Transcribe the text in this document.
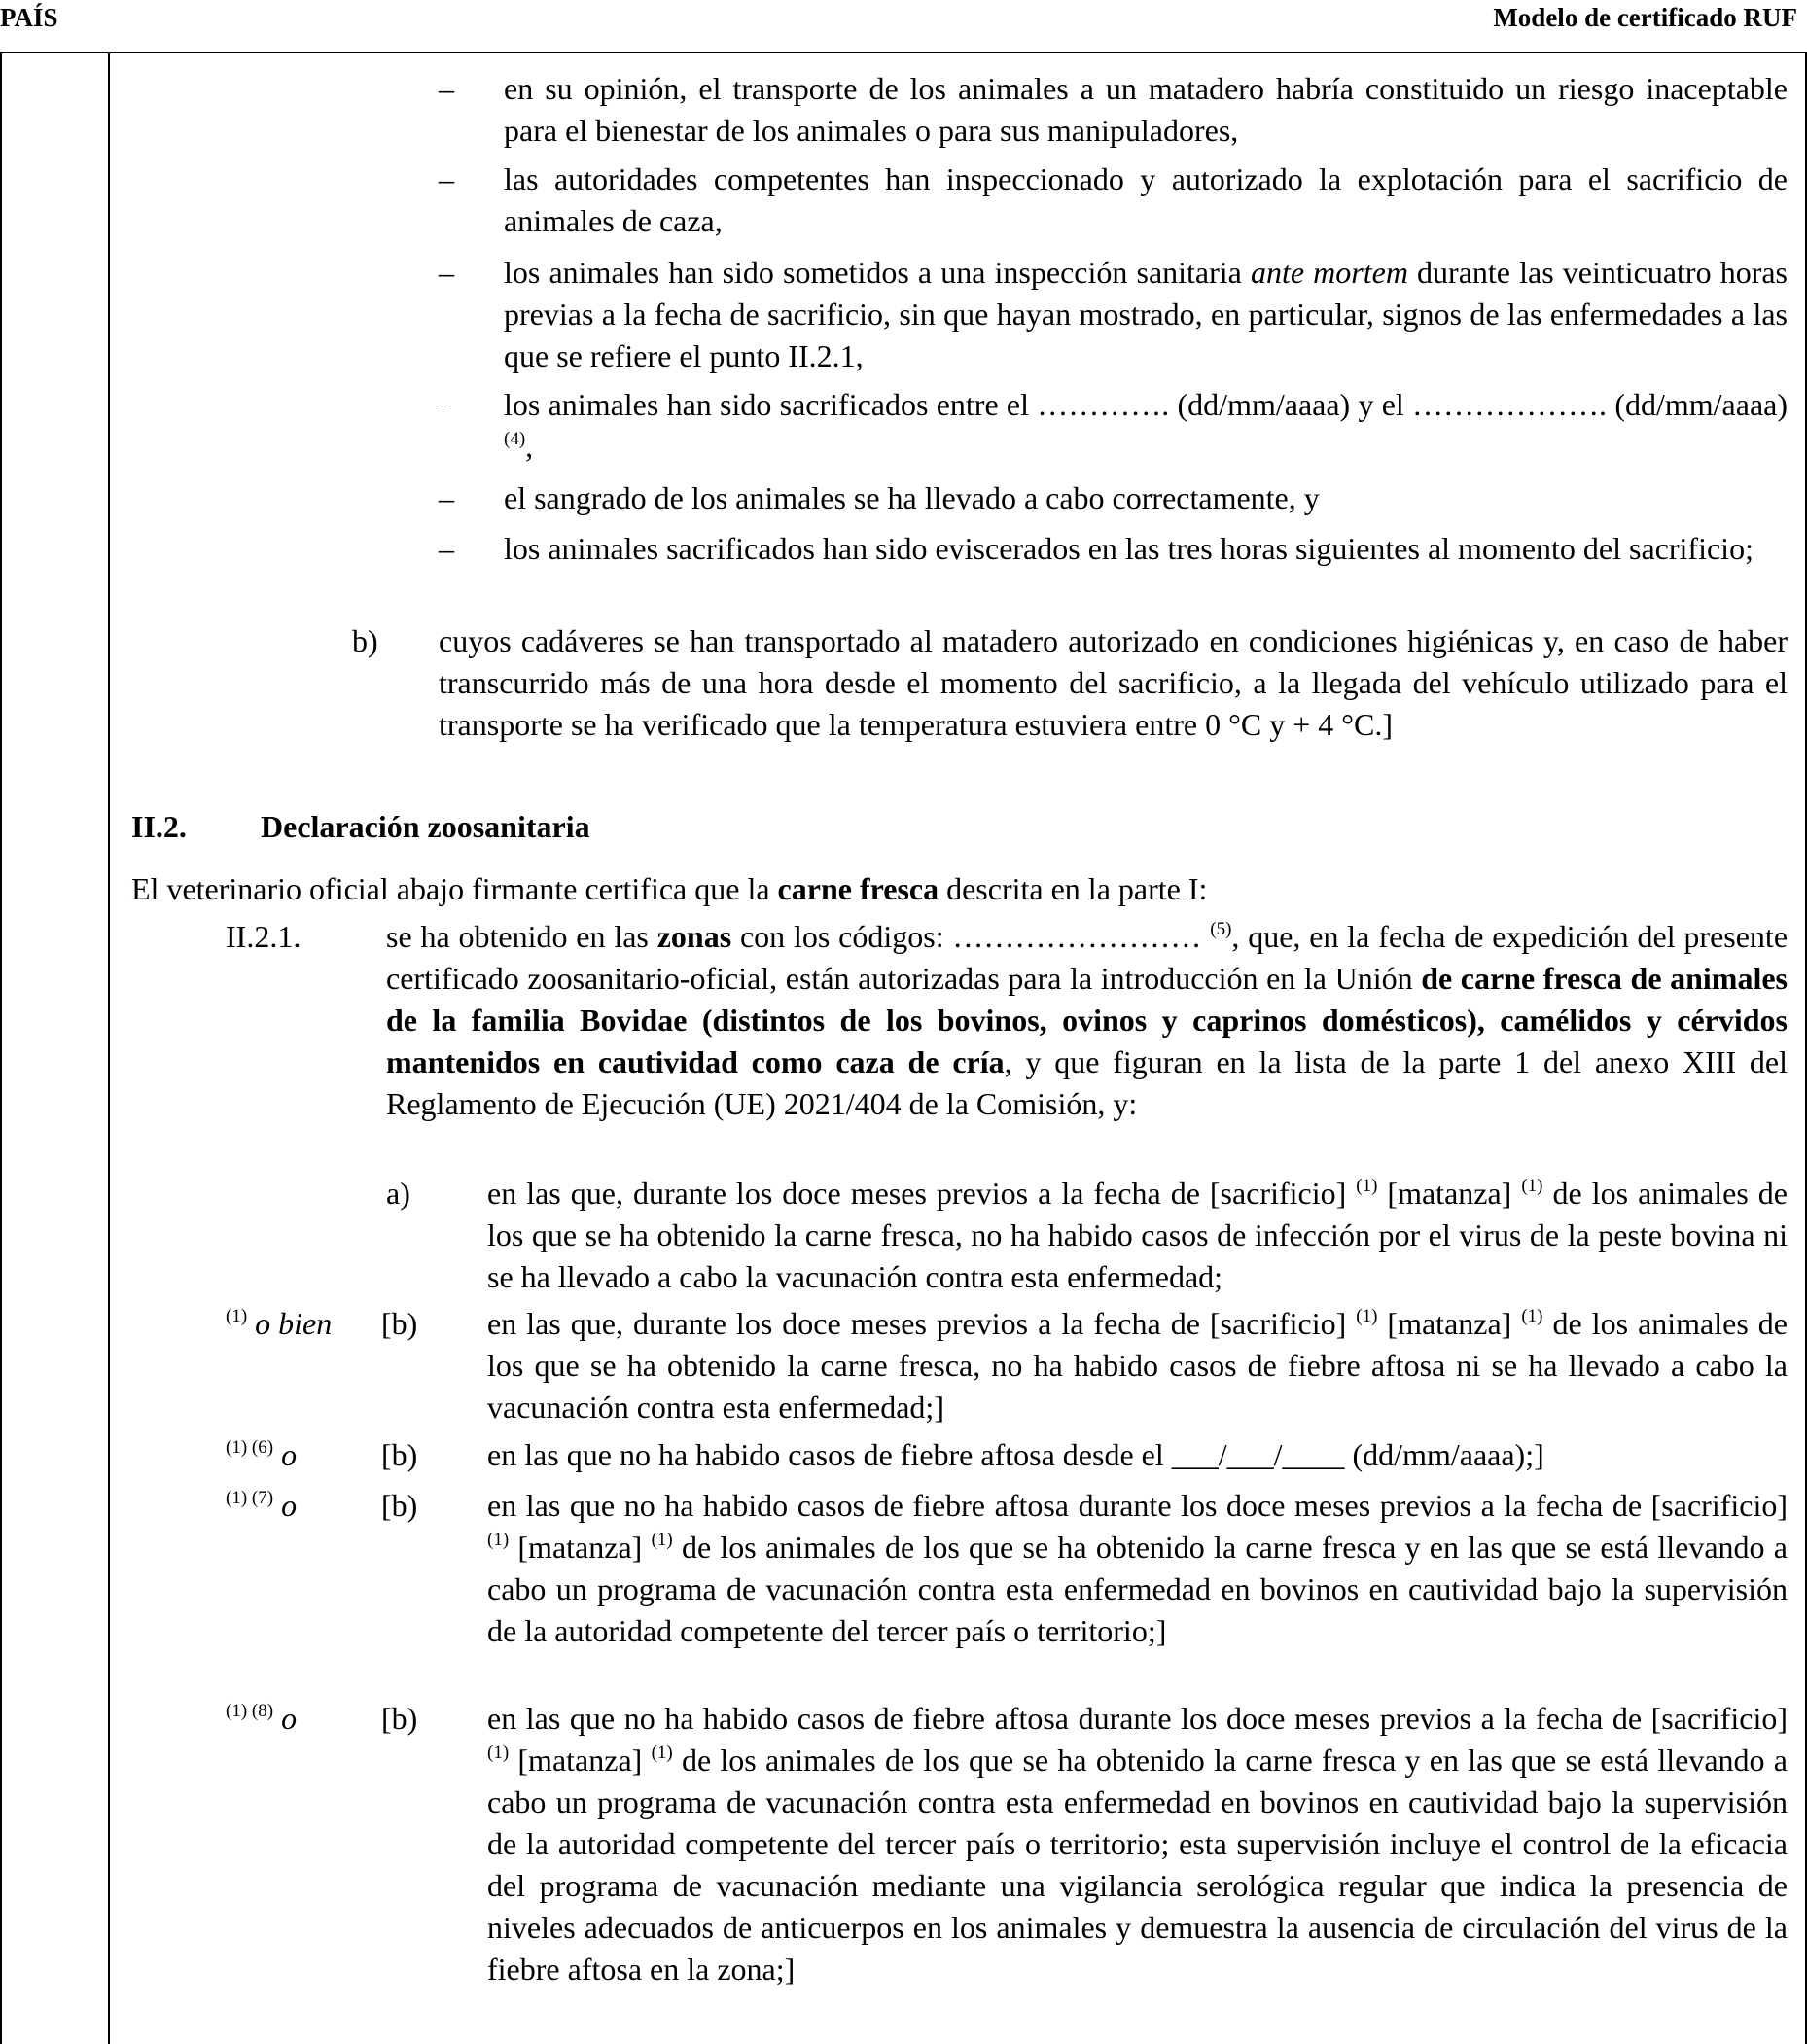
PAÍS	Modelo de certificado RUF
– en su opinión, el transporte de los animales a un matadero habría constituido un riesgo inaceptable para el bienestar de los animales o para sus manipuladores,
– las autoridades competentes han inspeccionado y autorizado la explotación para el sacrificio de animales de caza,
– los animales han sido sometidos a una inspección sanitaria ante mortem durante las veinticuatro horas previas a la fecha de sacrificio, sin que hayan mostrado, en particular, signos de las enfermedades a las que se refiere el punto II.2.1,
– los animales han sido sacrificados entre el …………. (dd/mm/aaaa) y el ………………. (dd/mm/aaaa) $^{(4)}$,
– el sangrado de los animales se ha llevado a cabo correctamente, y
– los animales sacrificados han sido eviscerados en las tres horas siguientes al momento del sacrificio;
b) cuyos cadáveres se han transportado al matadero autorizado en condiciones higiénicas y, en caso de haber transcurrido más de una hora desde el momento del sacrificio, a la llegada del vehículo utilizado para el transporte se ha verificado que la temperatura estuviera entre 0 °C y + 4 °C.]
II.2. Declaración zoosanitaria
El veterinario oficial abajo firmante certifica que la carne fresca descrita en la parte I:
II.2.1.	se ha obtenido en las zonas con los códigos: …………………… $^{(5)}$, que, en la fecha de expedición del presente certificado zoosanitario-oficial, están autorizadas para la introducción en la Unión de carne fresca de animales de la familia Bovidae (distintos de los bovinos, ovinos y caprinos domésticos), camélidos y cérvidos mantenidos en cautividad como caza de cría, y que figuran en la lista de la parte 1 del anexo XIII del Reglamento de Ejecución (UE) 2021/404 de la Comisión, y:
a) en las que, durante los doce meses previos a la fecha de [sacrificio] $^{(1)}$ [matanza] $^{(1)}$ de los animales de los que se ha obtenido la carne fresca, no ha habido casos de infección por el virus de la peste bovina ni se ha llevado a cabo la vacunación contra esta enfermedad;
$^{(1)}$ o bien [b) en las que, durante los doce meses previos a la fecha de [sacrificio] $^{(1)}$ [matanza] $^{(1)}$ de los animales de los que se ha obtenido la carne fresca, no ha habido casos de fiebre aftosa ni se ha llevado a cabo la vacunación contra esta enfermedad;]
$^{(1) (6)}$ o	[b) en las que no ha habido casos de fiebre aftosa desde el ___/___/____ (dd/mm/aaaa);]
$^{(1) (7)}$ o	[b) en las que no ha habido casos de fiebre aftosa durante los doce meses previos a la fecha de [sacrificio] $^{(1)}$ [matanza] $^{(1)}$ de los animales de los que se ha obtenido la carne fresca y en las que se está llevando a cabo un programa de vacunación contra esta enfermedad en bovinos en cautividad bajo la supervisión de la autoridad competente del tercer país o territorio;]
$^{(1) (8)}$ o	[b) en las que no ha habido casos de fiebre aftosa durante los doce meses previos a la fecha de [sacrificio] $^{(1)}$ [matanza] $^{(1)}$ de los animales de los que se ha obtenido la carne fresca y en las que se está llevando a cabo un programa de vacunación contra esta enfermedad en bovinos en cautividad bajo la supervisión de la autoridad competente del tercer país o territorio; esta supervisión incluye el control de la eficacia del programa de vacunación mediante una vigilancia serológica regular que indica la presencia de niveles adecuados de anticuerpos en los animales y demuestra la ausencia de circulación del virus de la fiebre aftosa en la zona;]
